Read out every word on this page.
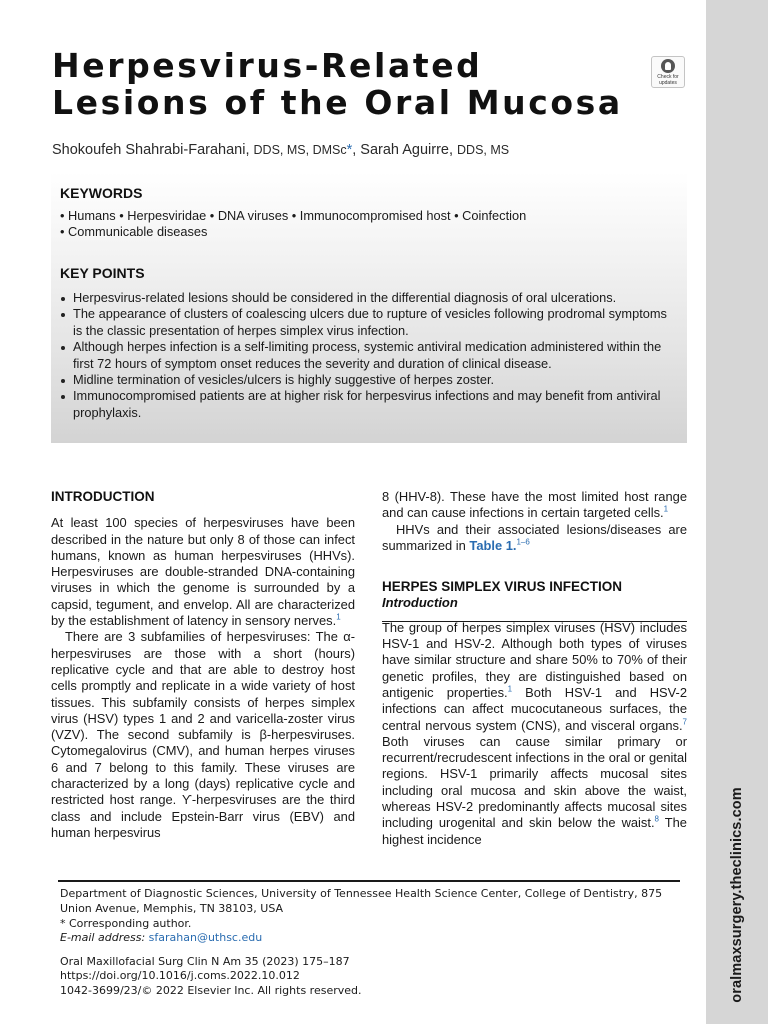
Herpesvirus-Related
Lesions of the Oral Mucosa
Check for updates
Shokoufeh Shahrabi-Farahani, DDS, MS, DMSc*, Sarah Aguirre, DDS, MS
KEYWORDS
• Humans • Herpesviridae • DNA viruses • Immunocompromised host • Coinfection
• Communicable diseases
KEY POINTS
Herpesvirus-related lesions should be considered in the differential diagnosis of oral ulcerations.
The appearance of clusters of coalescing ulcers due to rupture of vesicles following prodromal symptoms is the classic presentation of herpes simplex virus infection.
Although herpes infection is a self-limiting process, systemic antiviral medication administered within the first 72 hours of symptom onset reduces the severity and duration of clinical disease.
Midline termination of vesicles/ulcers is highly suggestive of herpes zoster.
Immunocompromised patients are at higher risk for herpesvirus infections and may benefit from antiviral prophylaxis.
INTRODUCTION

At least 100 species of herpesviruses have been described in the nature but only 8 of those can infect humans, known as human herpesviruses (HHVs). Herpesviruses are double-stranded DNA-containing viruses in which the genome is surrounded by a capsid, tegument, and envelop. All are characterized by the establishment of latency in sensory nerves.$^1$

There are 3 subfamilies of herpesviruses: The α-herpesviruses are those with a short (hours) replicative cycle and that are able to destroy host cells promptly and replicate in a wide variety of host tissues. This subfamily consists of herpes simplex virus (HSV) types 1 and 2 and varicella-zoster virus (VZV). The second subfamily is β-herpesviruses. Cytomegalovirus (CMV), and human herpes viruses 6 and 7 belong to this family. These viruses are characterized by a long (days) replicative cycle and restricted host range. ϒ-herpesviruses are the third class and include Epstein-Barr virus (EBV) and human herpesvirus

8 (HHV-8). These have the most limited host range and can cause infections in certain targeted cells.$^1$

HHVs and their associated lesions/diseases are summarized in Table 1.$^{1-6}$

HERPES SIMPLEX VIRUS INFECTION
Introduction

The group of herpes simplex viruses (HSV) includes HSV-1 and HSV-2. Although both types of viruses have similar structure and share 50% to 70% of their genetic profiles, they are distinguished based on antigenic properties.$^1$ Both HSV-1 and HSV-2 infections can affect mucocutaneous surfaces, the central nervous system (CNS), and visceral organs.$^7$ Both viruses can cause similar primary or recurrent/recrudescent infections in the oral or genital regions. HSV-1 primarily affects mucosal sites including oral mucosa and skin above the waist, whereas HSV-2 predominantly affects mucosal sites including urogenital and skin below the waist.$^8$ The highest incidence

Department of Diagnostic Sciences, University of Tennessee Health Science Center, College of Dentistry, 875 Union Avenue, Memphis, TN 38103, USA
* Corresponding author.
E-mail address: sfarahan@uthsc.edu
Oral Maxillofacial Surg Clin N Am 35 (2023) 175–187
https://doi.org/10.1016/j.coms.2022.10.012
1042-3699/23/© 2022 Elsevier Inc. All rights reserved.	oralmaxsurgery.theclinics.com
